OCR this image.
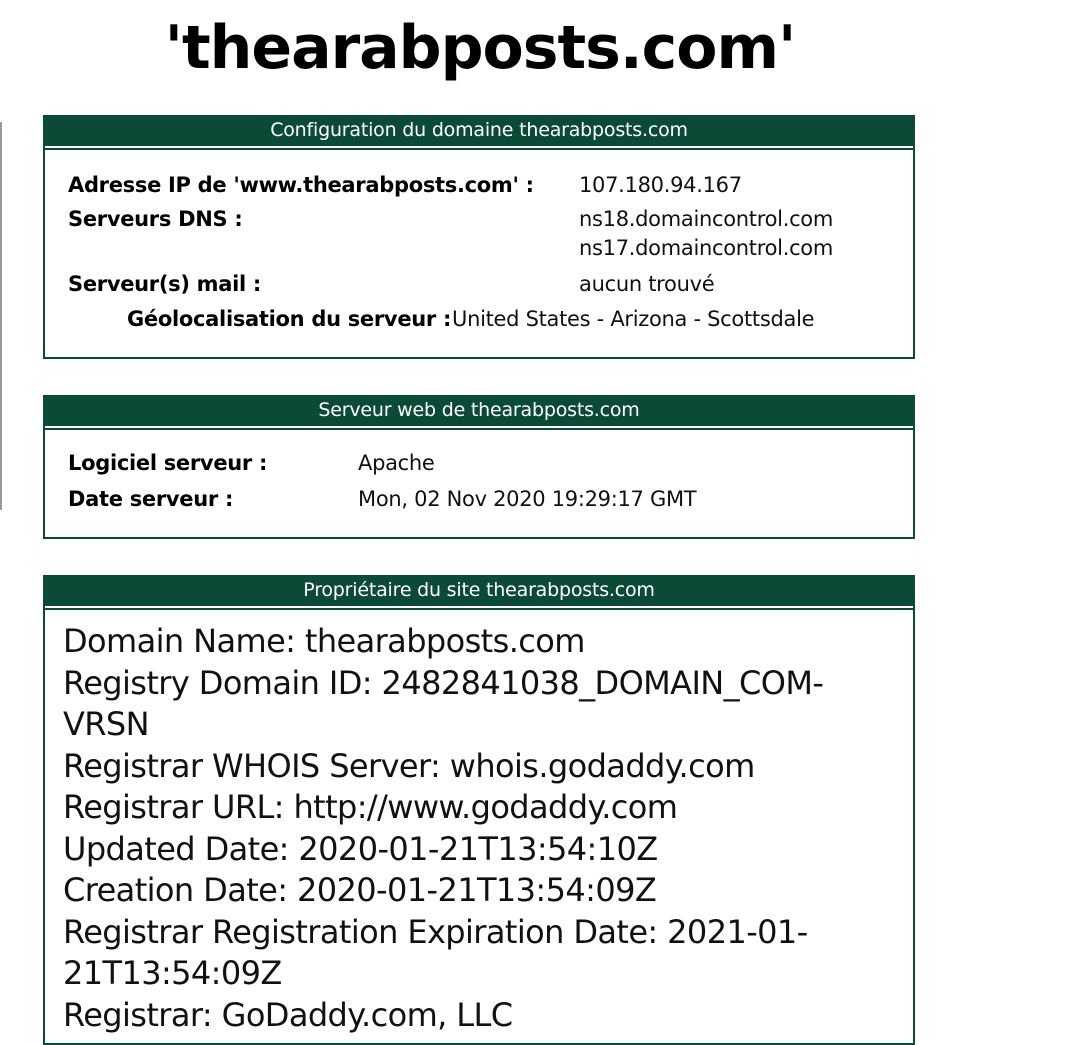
'thearabposts.com'
Configuration du domaine thearabposts.com
Adresse IP de 'www.thearabposts.com' : 107.180.94.167
Serveurs DNS :	ns18.domaincontrol.com
ns17.domaincontrol.com
Serveur(s) mail :	aucun trouvé
Géolocalisation du serveur : United States - Arizona - Scottsdale
Serveur web de thearabposts.com
Logiciel serveur :	Apache
Date serveur :	Mon, 02 Nov 2020 19:29:17 GMT
Propriétaire du site thearabposts.com
Domain Name: thearabposts.com
Registry Domain ID: 2482841038_DOMAIN_COM-
VRSN
Registrar WHOIS Server: whois.godaddy.com
Registrar URL: http://www.godaddy.com
Updated Date: 2020-01-21T13:54:10Z
Creation Date: 2020-01-21T13:54:09Z
Registrar Registration Expiration Date: 2021-01-
21T13:54:09Z
Registrar: GoDaddy.com, LLC
